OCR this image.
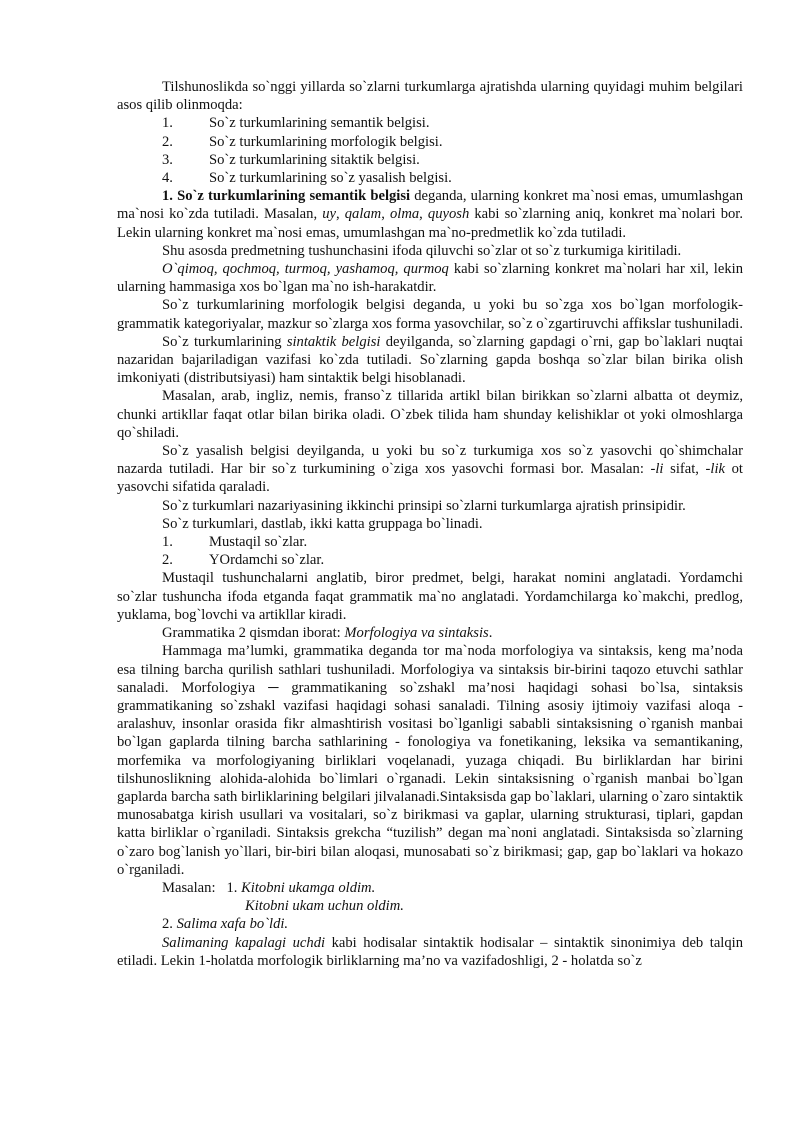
Tilshunoslikda so`nggi yillarda so`zlarni turkumlarga ajratishda ularning quyidagi muhim belgilari asos qilib olinmoqda:

1.	So`z turkumlarining semantik belgisi.
2.	So`z turkumlarining morfologik belgisi.
3.	So`z turkumlarining sitaktik belgisi.
4.	So`z turkumlarining so`z yasalish belgisi.

1. So`z turkumlarining semantik belgisi deganda, ularning konkret ma`nosi emas, umumlashgan ma`nosi ko`zda tutiladi. Masalan, uy, qalam, olma, quyosh kabi so`zlarning aniq, konkret ma`nolari bor. Lekin ularning konkret ma`nosi emas, umumlashgan ma`no-predmetlik ko`zda tutiladi.

Shu asosda predmetning tushunchasini ifoda qiluvchi so`zlar ot so`z turkumiga kiritiladi.

O`qimoq, qochmoq, turmoq, yashamoq, qurmoq kabi so`zlarning konkret ma`nolari har xil, lekin ularning hammasiga xos bo`lgan ma`no ish-harakatdir.

So`z turkumlarining morfologik belgisi deganda, u yoki bu so`zga xos bo`lgan morfologik-grammatik kategoriyalar, mazkur so`zlarga xos forma yasovchilar, so`z o`zgartiruvchi affikslar tushuniladi.

So`z turkumlarining sintaktik belgisi deyilganda, so`zlarning gapdagi o`rni, gap bo`laklari nuqtai nazaridan bajariladigan vazifasi ko`zda tutiladi. So`zlarning gapda boshqa so`zlar bilan birika olish imkoniyati (distributsiyasi) ham sintaktik belgi hisoblanadi.

Masalan, arab, ingliz, nemis, franso`z tillarida artikl bilan birikkan so`zlarni albatta ot deymiz, chunki artikllar faqat otlar bilan birika oladi. O`zbek tilida ham shunday kelishiklar ot yoki olmoshlarga qo`shiladi.

So`z yasalish belgisi deyilganda, u yoki bu so`z turkumiga xos so`z yasovchi qo`shimchalar nazarda tutiladi. Har bir so`z turkumining o`ziga xos yasovchi formasi bor. Masalan: -li sifat, -lik ot yasovchi sifatida qaraladi.

So`z turkumlari nazariyasining ikkinchi prinsipi so`zlarni turkumlarga ajratish prinsipidir.

So`z turkumlari, dastlab, ikki katta gruppaga bo`linadi.

1.	Mustaqil so`zlar.
2.	YOrdamchi so`zlar.

Mustaqil tushunchalarni anglatib, biror predmet, belgi, harakat nomini anglatadi. Yordamchi so`zlar tushuncha ifoda etganda faqat grammatik ma`no anglatadi. Yordamchilarga ko`makchi, predlog, yuklama, bog`lovchi va artikllar kiradi.

Grammatika 2 qismdan iborat: Morfologiya va sintaksis.

Hammaga ma’lumki, grammatika deganda tor ma`noda morfologiya va sintaksis, keng ma’noda esa tilning barcha qurilish sathlari tushuniladi. Morfologiya va sintaksis bir-birini taqozo etuvchi sathlar sanaladi. Morfologiya ─ grammatikaning so`zshakl ma’nosi haqidagi sohasi bo`lsa, sintaksis grammatikaning so`zshakl vazifasi haqidagi sohasi sanaladi. Tilning asosiy ijtimoiy vazifasi aloqa - aralashuv, insonlar orasida fikr almashtirish vositasi bo`lganligi sababli sintaksisning o`rganish manbai bo`lgan gaplarda tilning barcha sathlarining - fonologiya va fonetikaning, leksika va semantikaning, morfemika va morfologiyaning birliklari voqelanadi, yuzaga chiqadi. Bu birliklardan har birini tilshunoslikning alohida-alohida bo`limlari o`rganadi. Lekin sintaksisning o`rganish manbai bo`lgan gaplarda barcha sath birliklarining belgilari jilvalanadi.Sintaksisda gap bo`laklari, ularning o`zaro sintaktik munosabatga kirish usullari va vositalari, so`z birikmasi va gaplar, ularning strukturasi, tiplari, gapdan katta birliklar o`rganiladi. Sintaksis grekcha “tuzilish” degan ma`noni anglatadi. Sintaksisda so`zlarning o`zaro bog`lanish yo`llari, bir-biri bilan aloqasi, munosabati so`z birikmasi; gap, gap bo`laklari va hokazo o`rganiladi.

Masalan: 1. Kitobni ukamga oldim.

Kitobni ukam uchun oldim.

2. Salima xafa bo`ldi.

Salimaning kapalagi uchdi kabi hodisalar sintaktik hodisalar – sintaktik sinonimiya deb talqin etiladi. Lekin 1-holatda morfologik birliklarning ma’no va vazifadoshligi, 2 - holatda so`z
